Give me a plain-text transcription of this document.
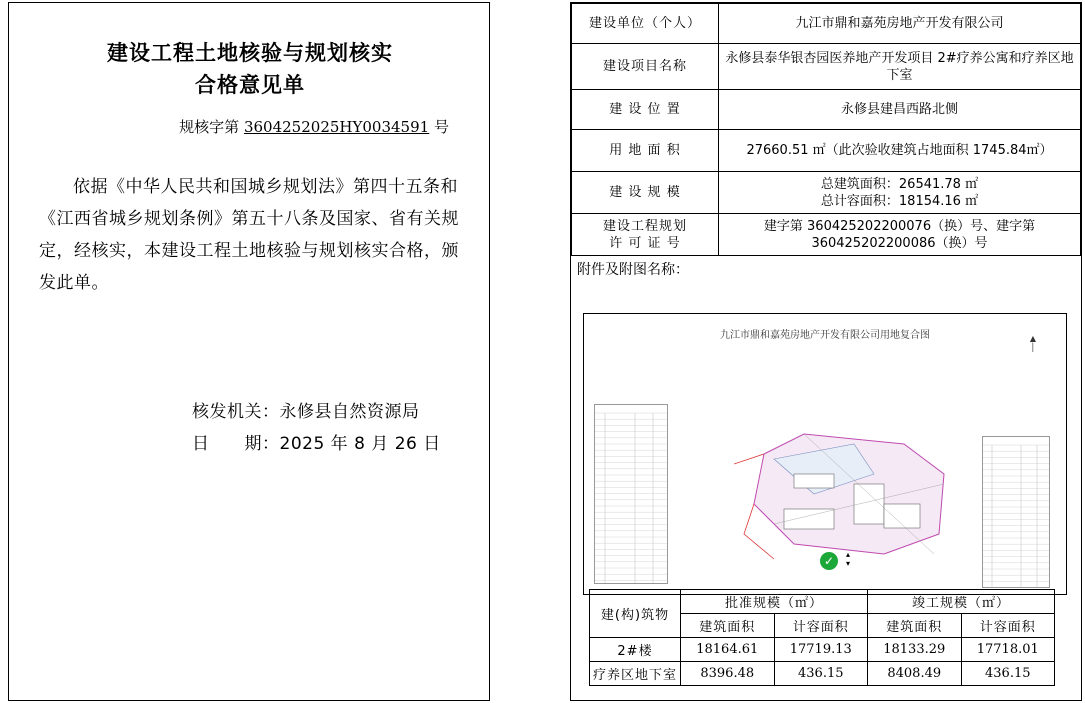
建设工程土地核验与规划核实
合格意见单
规核字第 3604252025HY0034591 号
依据《中华人民共和国城乡规划法》第四十五条和《江西省城乡规划条例》第五十八条及国家、省有关规定，经核实，本建设工程土地核验与规划核实合格，颁发此单。
核发机关：永修县自然资源局
日　　期：2025 年 8 月 26 日
建设单位（个人）	九江市鼎和嘉苑房地产开发有限公司
建设项目名称	永修县泰华银杏园医养地产开发项目 2#疗养公寓和疗养区地下室
建 设 位 置	永修县建昌西路北侧
用 地 面 积	27660.51 ㎡（此次验收建筑占地面积 1745.84㎡）
建 设 规 模	总建筑面积：26541.78 ㎡
总计容面积：18154.16 ㎡

建设工程规划
许 可 证 号	建字第 360425202200076（换）号、建字第 360425202200086（换）号
附件及附图名称：
九江市鼎和嘉苑房地产开发有限公司用地复合图	▲
│
✓	▴
▾
建(构)筑物	批准规模（㎡）		竣工规模（㎡）	
	建筑面积	计容面积	建筑面积	计容面积
2#楼	18164.61	17719.13	18133.29	17718.01
疗养区地下室	8396.48	436.15	8408.49	436.15
